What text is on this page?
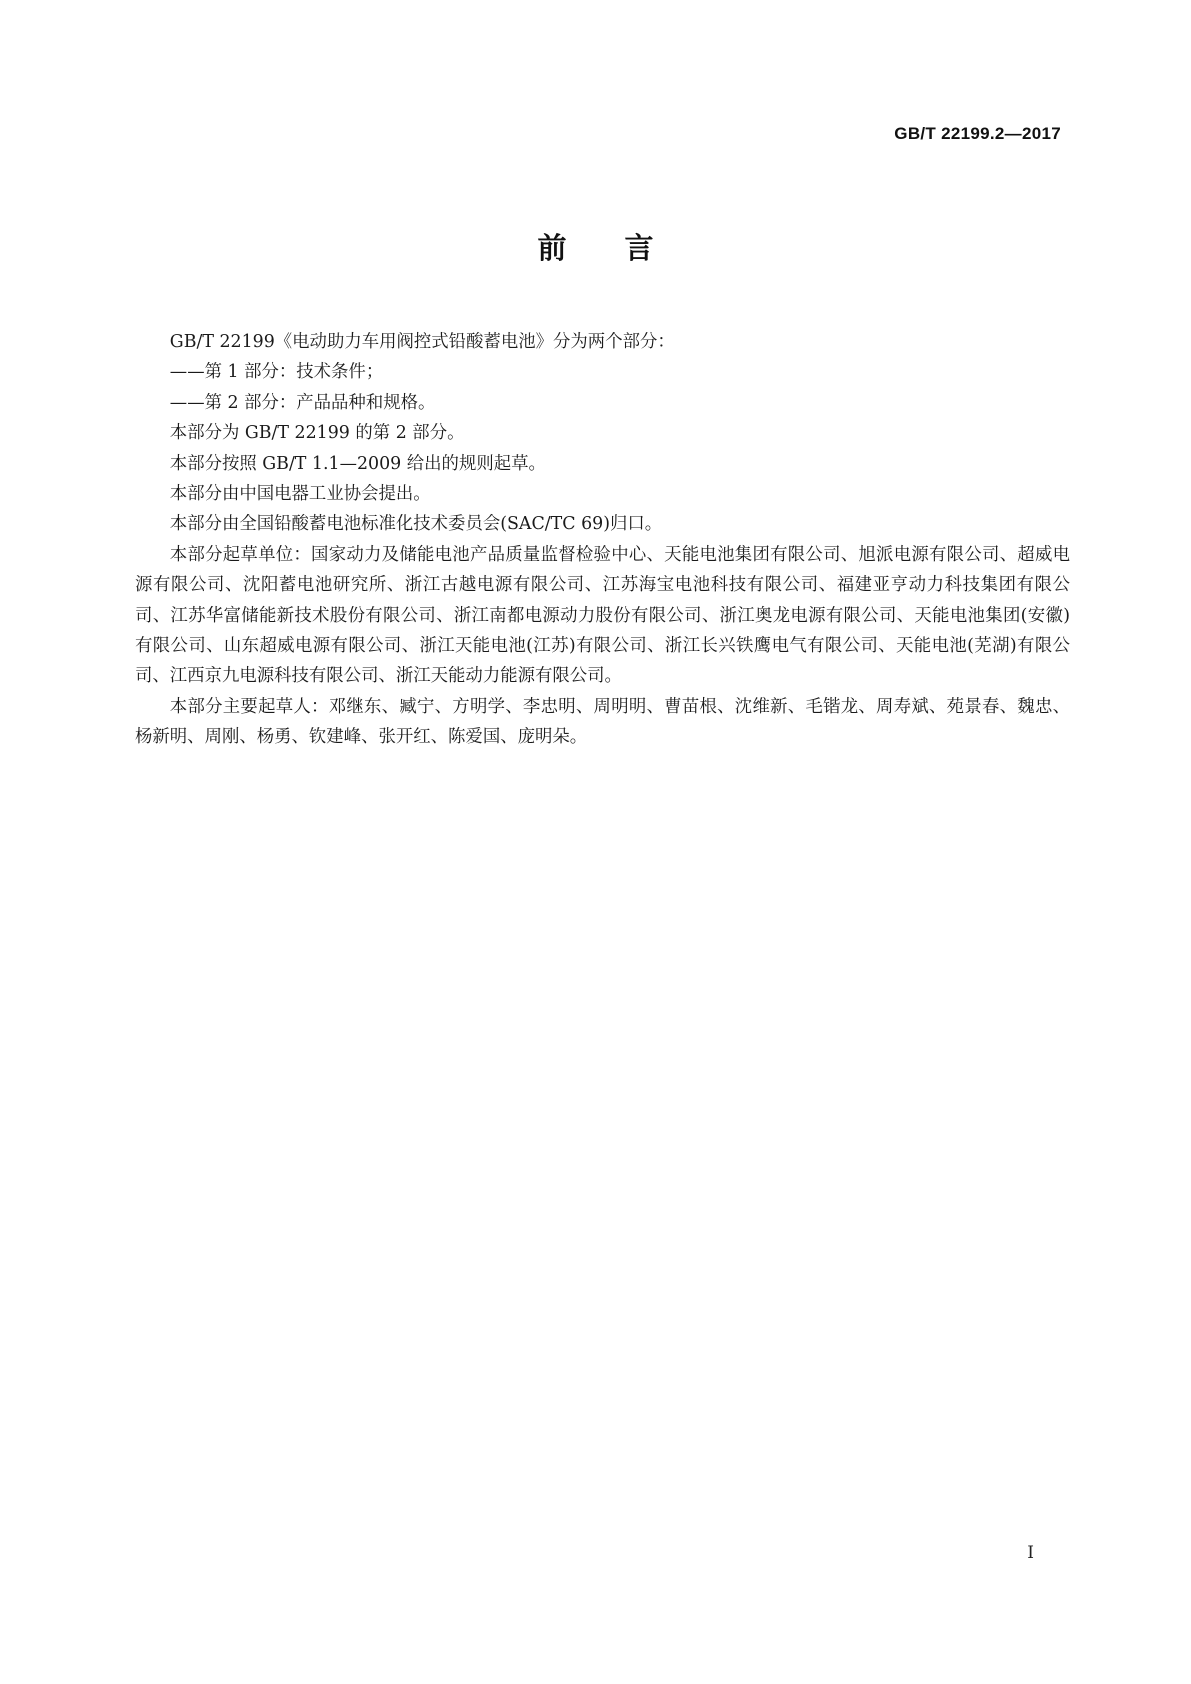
GB/T 22199.2—2017
前言

GB/T 22199《电动助力车用阀控式铅酸蓄电池》分为两个部分：

——第 1 部分：技术条件；

——第 2 部分：产品品种和规格。

本部分为 GB/T 22199 的第 2 部分。

本部分按照 GB/T 1.1—2009 给出的规则起草。

本部分由中国电器工业协会提出。

本部分由全国铅酸蓄电池标准化技术委员会(SAC/TC 69)归口。

本部分起草单位：国家动力及储能电池产品质量监督检验中心、天能电池集团有限公司、旭派电源有限公司、超威电源有限公司、沈阳蓄电池研究所、浙江古越电源有限公司、江苏海宝电池科技有限公司、福建亚亨动力科技集团有限公司、江苏华富储能新技术股份有限公司、浙江南都电源动力股份有限公司、浙江奥龙电源有限公司、天能电池集团(安徽)有限公司、山东超威电源有限公司、浙江天能电池(江苏)有限公司、浙江长兴铁鹰电气有限公司、天能电池(芜湖)有限公司、江西京九电源科技有限公司、浙江天能动力能源有限公司。

本部分主要起草人：邓继东、臧宁、方明学、李忠明、周明明、曹苗根、沈维新、毛锴龙、周寿斌、苑景春、魏忠、杨新明、周刚、杨勇、钦建峰、张开红、陈爱国、庞明朵。

I
